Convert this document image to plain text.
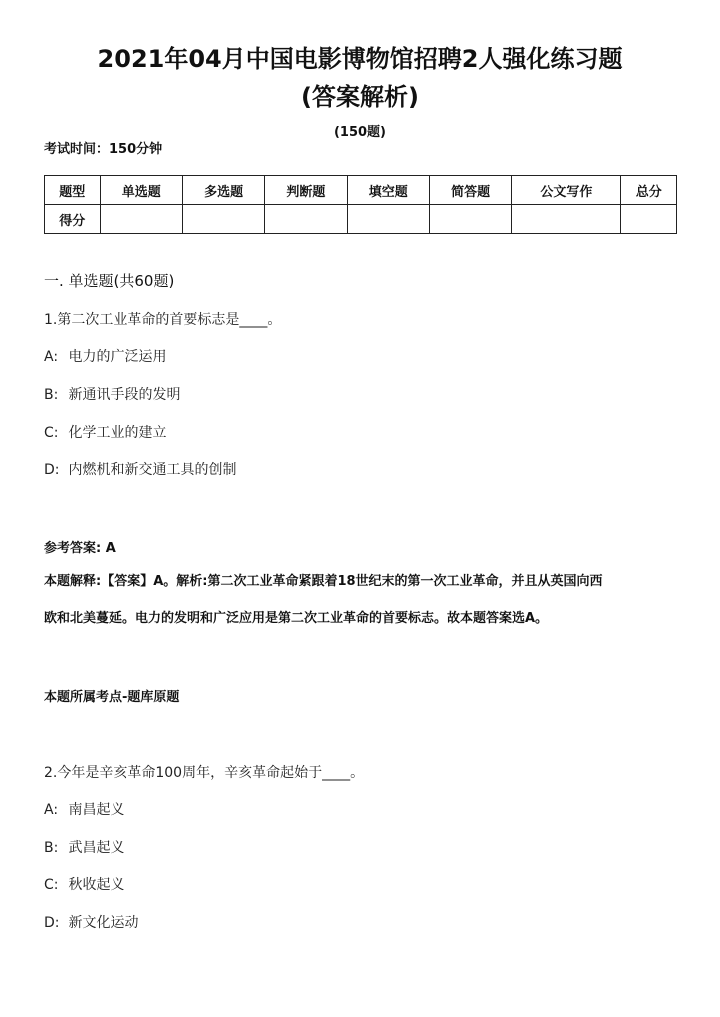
2021年04月中国电影博物馆招聘2人强化练习题
(答案解析)
(150题)
考试时间：150分钟
题型	单选题	多选题	判断题	填空题	简答题	公文写作	总分
得分							
一. 单选题(共60题)
1.第二次工业革命的首要标志是____。
A: 电力的广泛运用
B: 新通讯手段的发明
C: 化学工业的建立
D: 内燃机和新交通工具的创制
参考答案: A
本题解释:【答案】A。解析:第二次工业革命紧跟着18世纪末的第一次工业革命，并且从英国向西
欧和北美蔓延。电力的发明和广泛应用是第二次工业革命的首要标志。故本题答案选A。
本题所属考点-题库原题
2.今年是辛亥革命100周年，辛亥革命起始于____。
A: 南昌起义
B: 武昌起义
C: 秋收起义
D: 新文化运动
